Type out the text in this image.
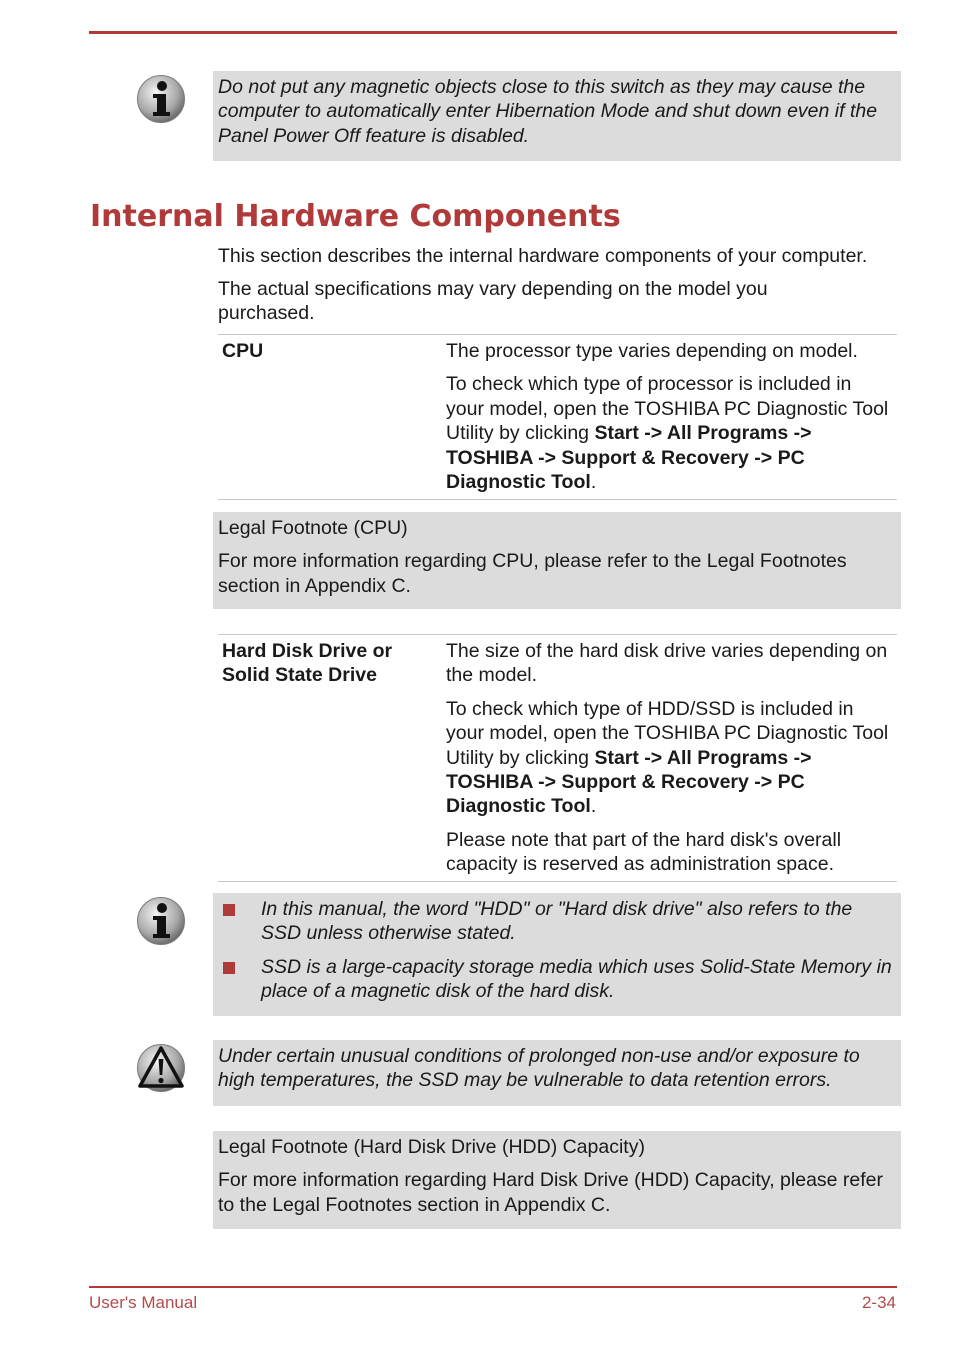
Do not put any magnetic objects close to this switch as they may cause the computer to automatically enter Hibernation Mode and shut down even if the Panel Power Off feature is disabled.

Internal Hardware Components

This section describes the internal hardware components of your computer.

The actual specifications may vary depending on the model you purchased.

CPU	The processor type varies depending on model.

To check which type of processor is included in your model, open the TOSHIBA PC Diagnostic Tool Utility by clicking Start -> All Programs -> TOSHIBA -> Support & Recovery -> PC Diagnostic Tool.

Legal Footnote (CPU)

For more information regarding CPU, please refer to the Legal Footnotes section in Appendix C.

Hard Disk Drive or Solid State Drive

The size of the hard disk drive varies depending on the model.

To check which type of HDD/SSD is included in your model, open the TOSHIBA PC Diagnostic Tool Utility by clicking Start -> All Programs -> TOSHIBA -> Support & Recovery -> PC Diagnostic Tool.

Please note that part of the hard disk's overall capacity is reserved as administration space.

In this manual, the word "HDD" or "Hard disk drive" also refers to the SSD unless otherwise stated.
SSD is a large-capacity storage media which uses Solid-State Memory in place of a magnetic disk of the hard disk.

Under certain unusual conditions of prolonged non-use and/or exposure to high temperatures, the SSD may be vulnerable to data retention errors.

Legal Footnote (Hard Disk Drive (HDD) Capacity)

For more information regarding Hard Disk Drive (HDD) Capacity, please refer to the Legal Footnotes section in Appendix C.

User's Manual	2-34
